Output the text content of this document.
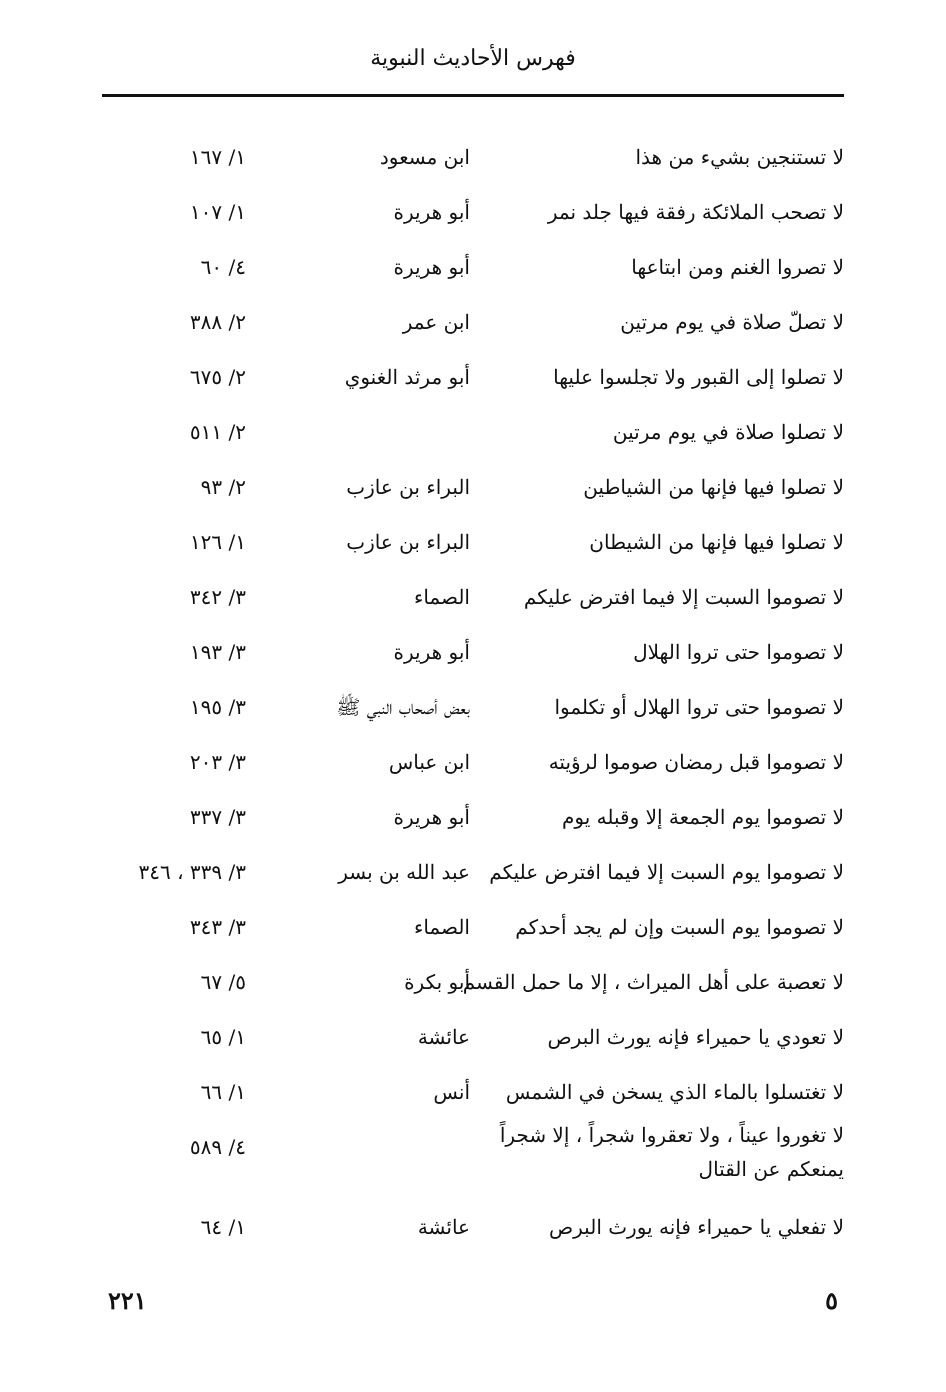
فهرس الأحاديث النبوية
لا تستنجين بشيء من هذا
ابن مسعود
١/ ١٦٧
لا تصحب الملائكة رفقة فيها جلد نمر
أبو هريرة
١/ ١٠٧
لا تصروا الغنم ومن ابتاعها
أبو هريرة
٤/ ٦٠
لا تصلّ صلاة في يوم مرتين
ابن عمر
٢/ ٣٨٨
لا تصلوا إلى القبور ولا تجلسوا عليها
أبو مرثد الغنوي
٢/ ٦٧٥
لا تصلوا صلاة في يوم مرتين
٢/ ٥١١
لا تصلوا فيها فإنها من الشياطين
البراء بن عازب
٢/ ٩٣
لا تصلوا فيها فإنها من الشيطان
البراء بن عازب
١/ ١٢٦
لا تصوموا السبت إلا فيما افترض عليكم
الصماء
٣/ ٣٤٢
لا تصوموا حتى تروا الهلال
أبو هريرة
٣/ ١٩٣
لا تصوموا حتى تروا الهلال أو تكلموا
بعض أصحاب النبي ﷺ
٣/ ١٩٥
لا تصوموا قبل رمضان صوموا لرؤيته
ابن عباس
٣/ ٢٠٣
لا تصوموا يوم الجمعة إلا وقبله يوم
أبو هريرة
٣/ ٣٣٧
لا تصوموا يوم السبت إلا فيما افترض عليكم
عبد الله بن بسر
٣/ ٣٣٩ ، ٣٤٦
لا تصوموا يوم السبت وإن لم يجد أحدكم
الصماء
٣/ ٣٤٣
لا تعصبة على أهل الميراث ، إلا ما حمل القسم
أبو بكرة
٥/ ٦٧
لا تعودي يا حميراء فإنه يورث البرص
عائشة
١/ ٦٥
لا تغتسلوا بالماء الذي يسخن في الشمس
أنس
١/ ٦٦
لا تغوروا عيناً ، ولا تعقروا شجراً ، إلا شجراً يمنعكم عن القتال
٤/ ٥٨٩
لا تفعلي يا حميراء فإنه يورث البرص
عائشة
١/ ٦٤
٢٢١	٥
